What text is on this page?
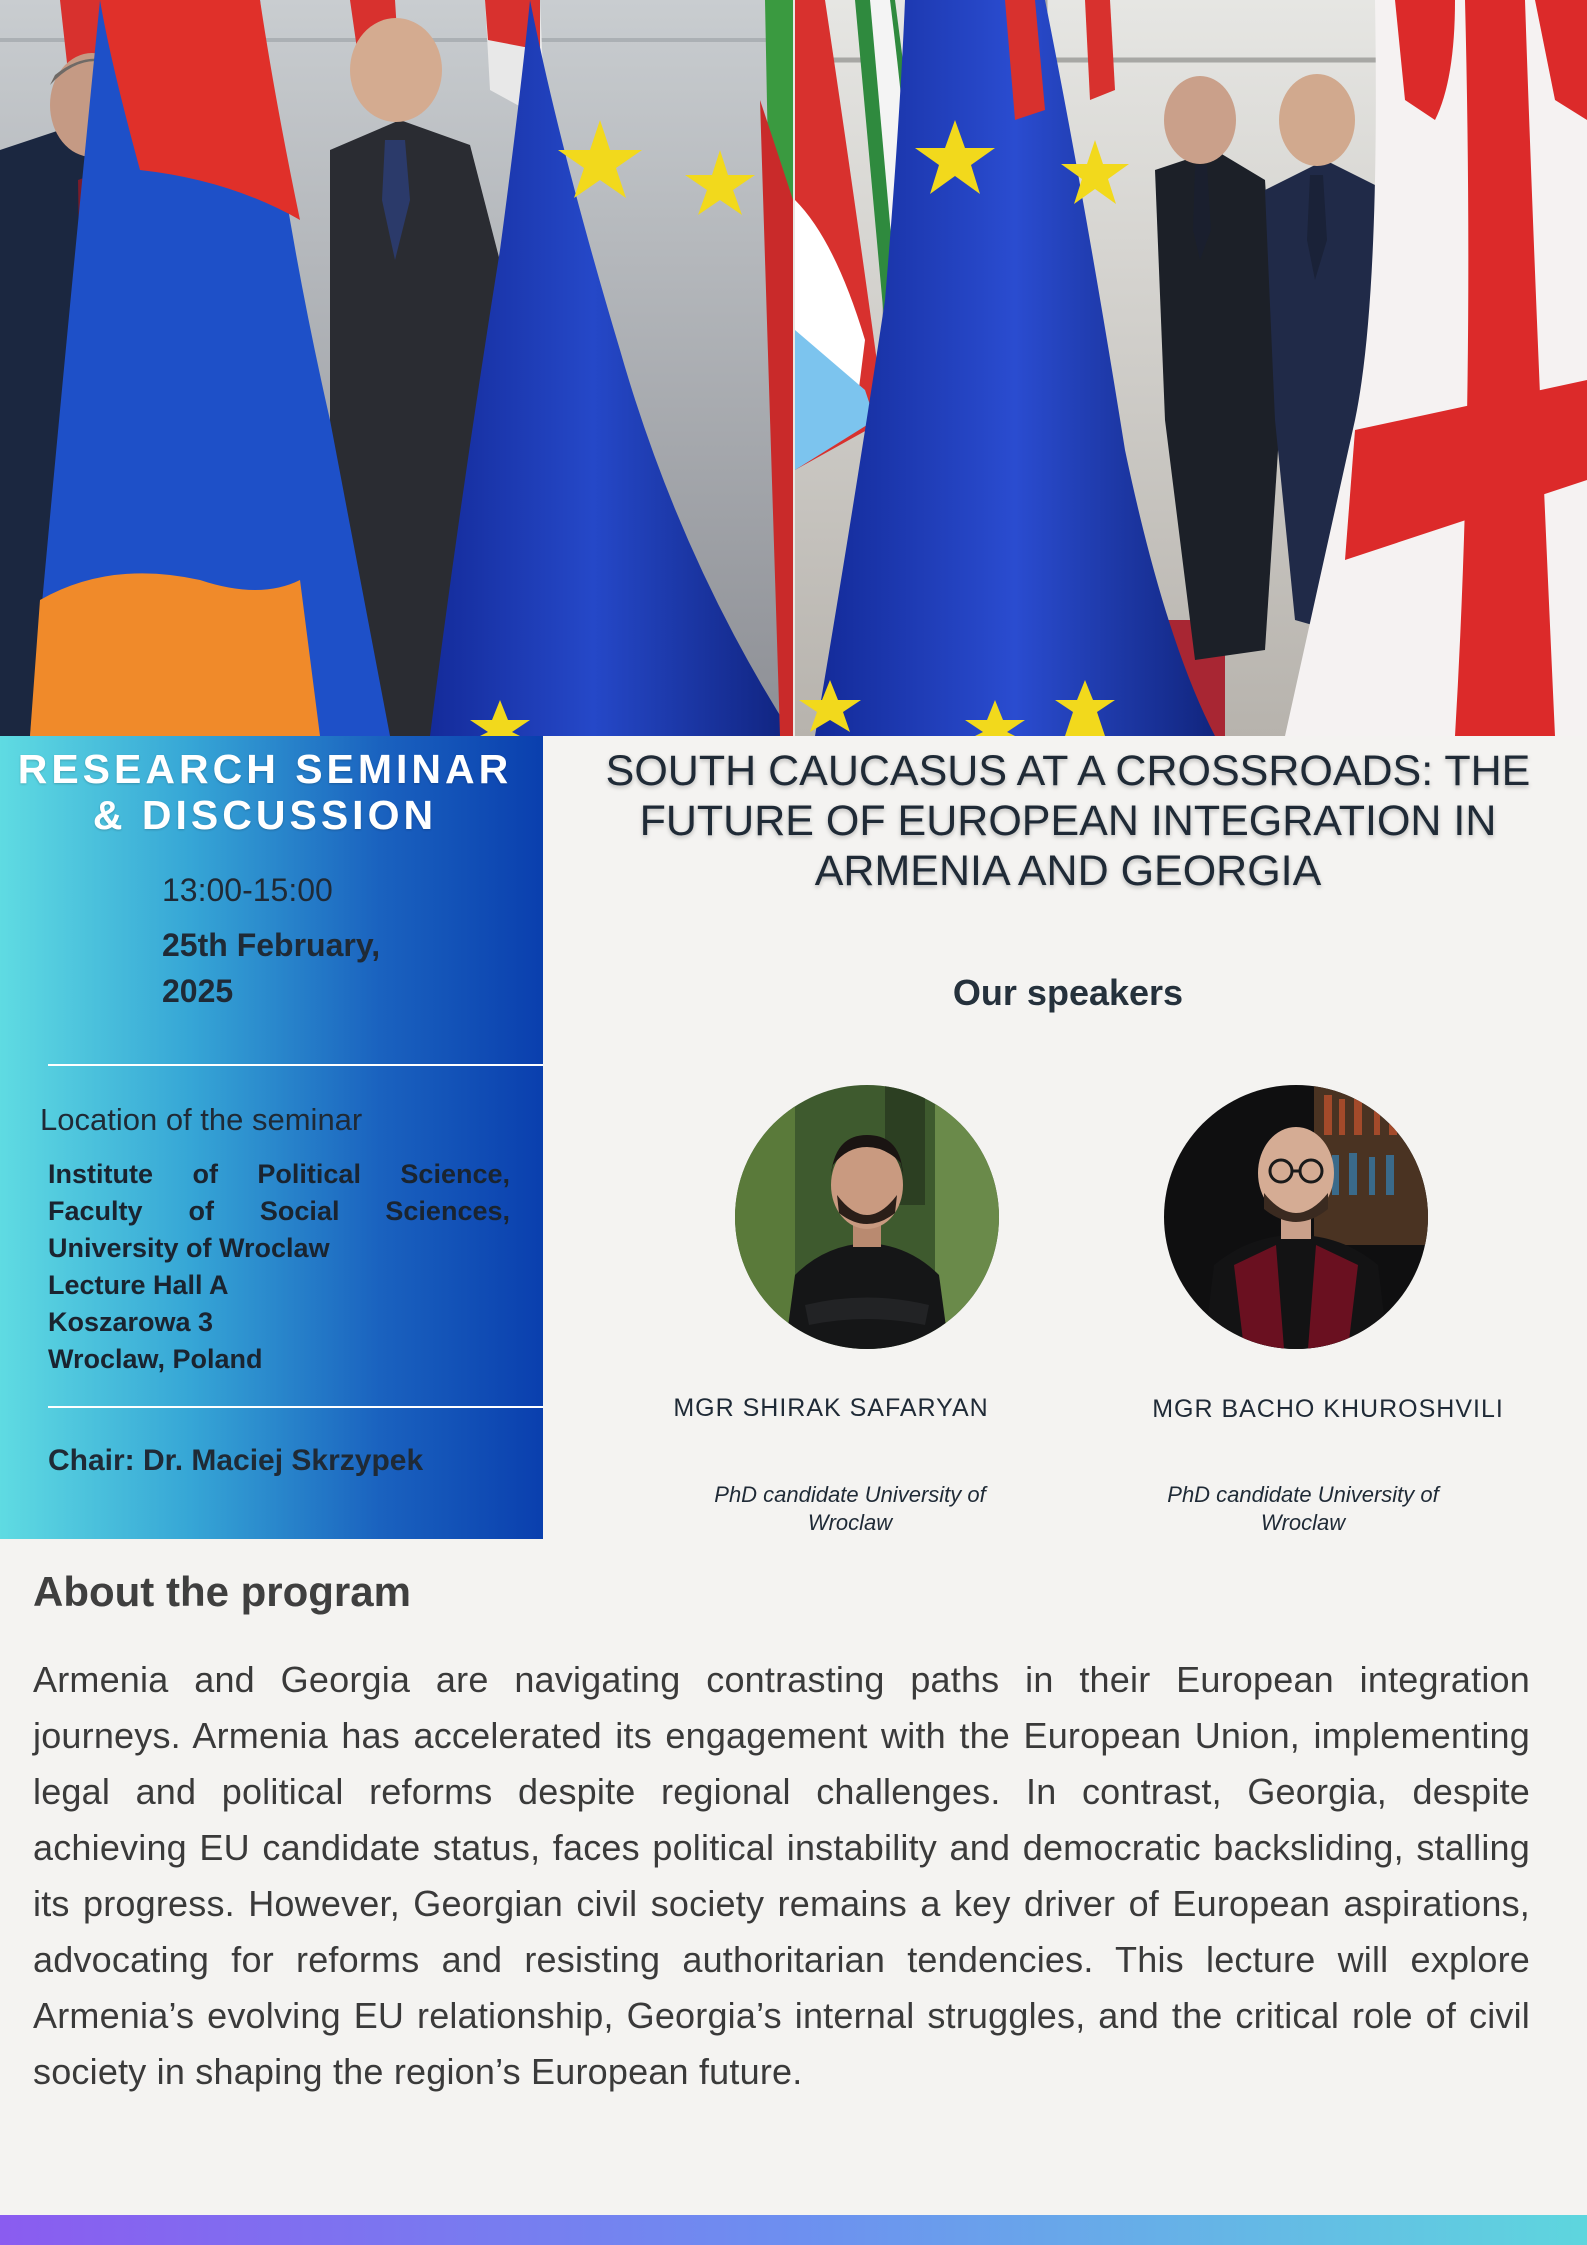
RESEARCH SEMINAR & DISCUSSION
13:00-15:00
25th February, 2025
Location of the seminar
Institute of Political Science,
Faculty of Social Sciences,
University of Wroclaw
Lecture Hall A
Koszarowa 3
Wroclaw, Poland
Chair: Dr. Maciej Skrzypek
SOUTH CAUCASUS AT A CROSSROADS: THE FUTURE OF EUROPEAN INTEGRATION IN ARMENIA AND GEORGIA
Our speakers
MGR SHIRAK SAFARYAN	MGR BACHO KHUROSHVILI
PhD candidate University of Wroclaw
PhD candidate University of Wroclaw
About the program
Armenia and Georgia are navigating contrasting paths in their European integration journeys. Armenia has accelerated its engagement with the European Union, implementing legal and political reforms despite regional challenges. In contrast, Georgia, despite achieving EU candidate status, faces political instability and democratic backsliding, stalling its progress. However, Georgian civil society remains a key driver of European aspirations, advocating for reforms and resisting authoritarian tendencies. This lecture will explore Armenia’s evolving EU relationship, Georgia’s internal struggles, and the critical role of civil society in shaping the region’s European future.
